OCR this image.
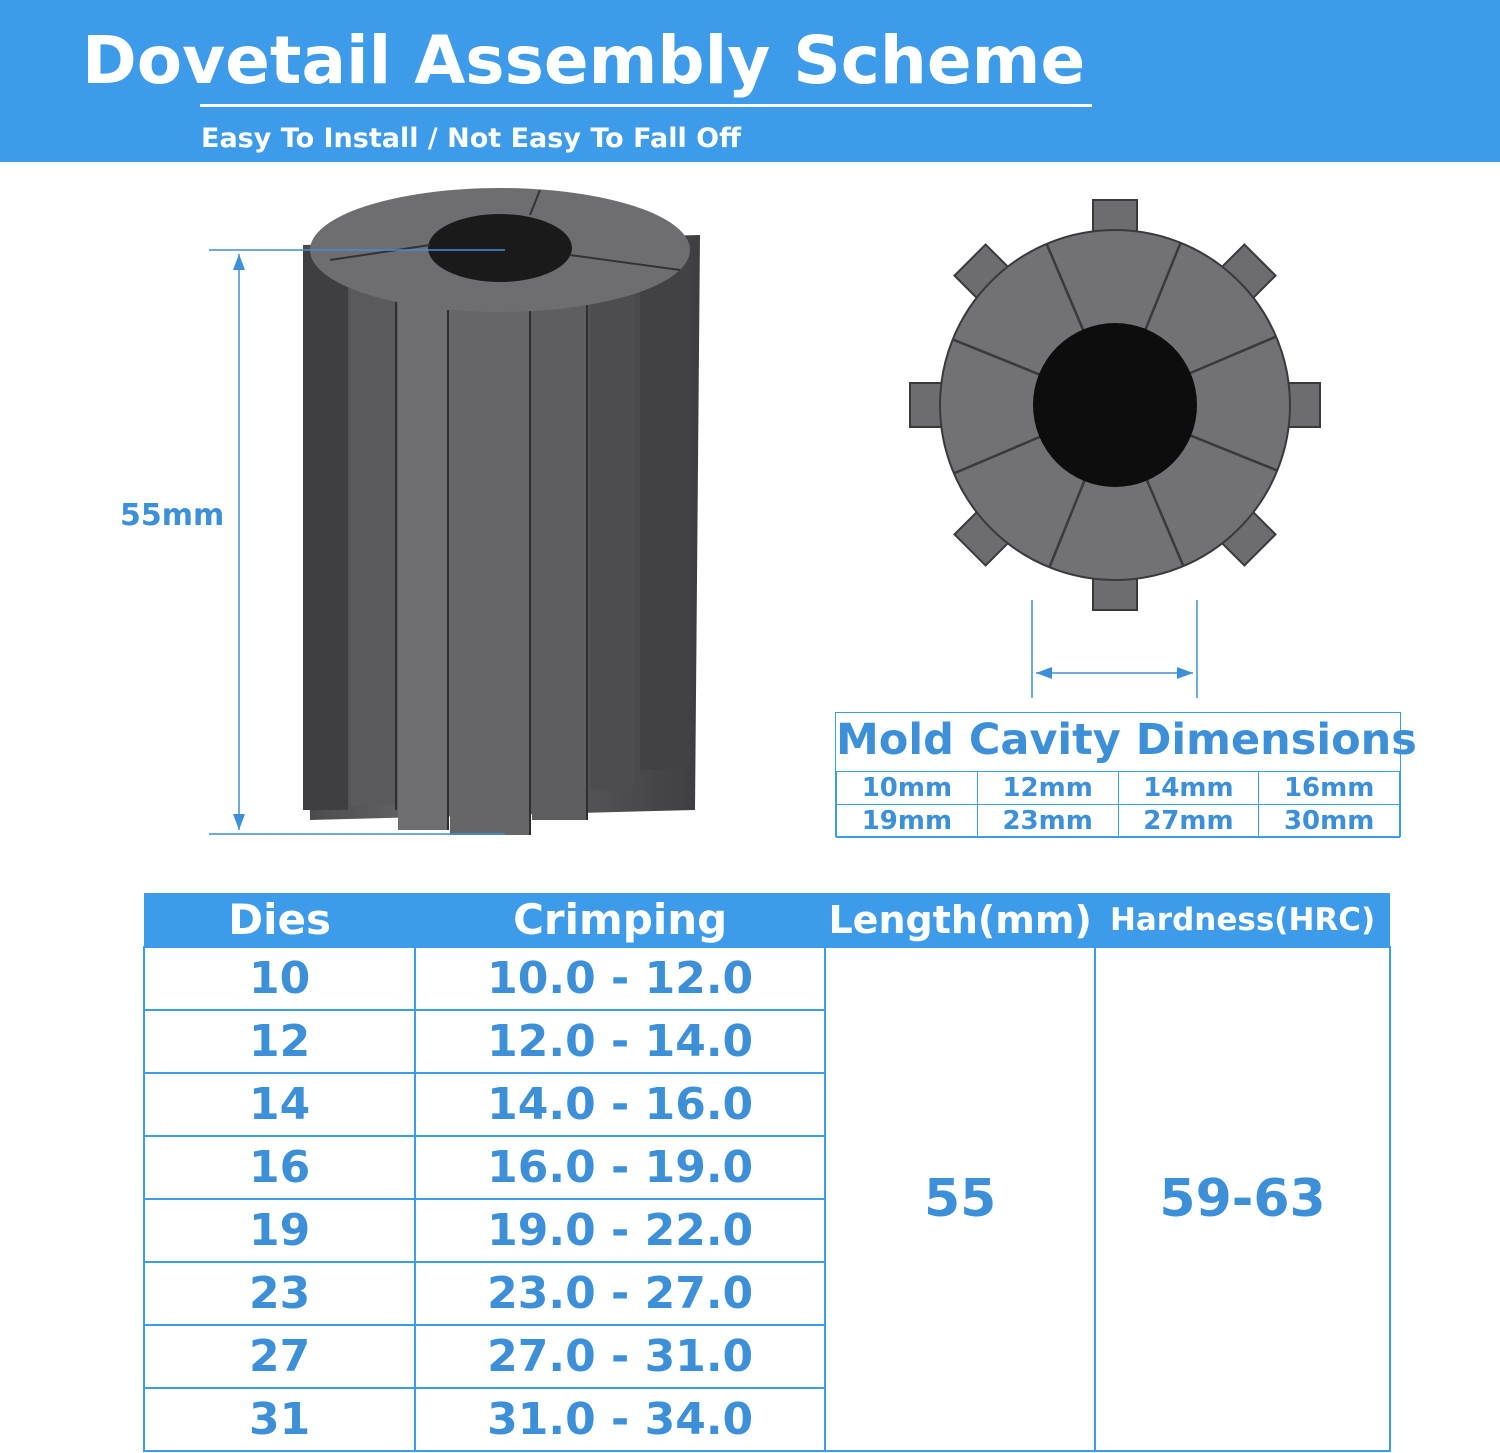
Dovetail Assembly Scheme
Easy To Install / Not Easy To Fall Off
55mm
Mold Cavity Dimensions
10mm	12mm	14mm	16mm
19mm	23mm	27mm	30mm
Dies	Crimping	Length(mm)	Hardness(HRC)
10	10.0 - 12.0	55	59-63
12	12.0 - 14.0		
14	14.0 - 16.0		
16	16.0 - 19.0		
19	19.0 - 22.0		
23	23.0 - 27.0		
27	27.0 - 31.0		
31	31.0 - 34.0		
